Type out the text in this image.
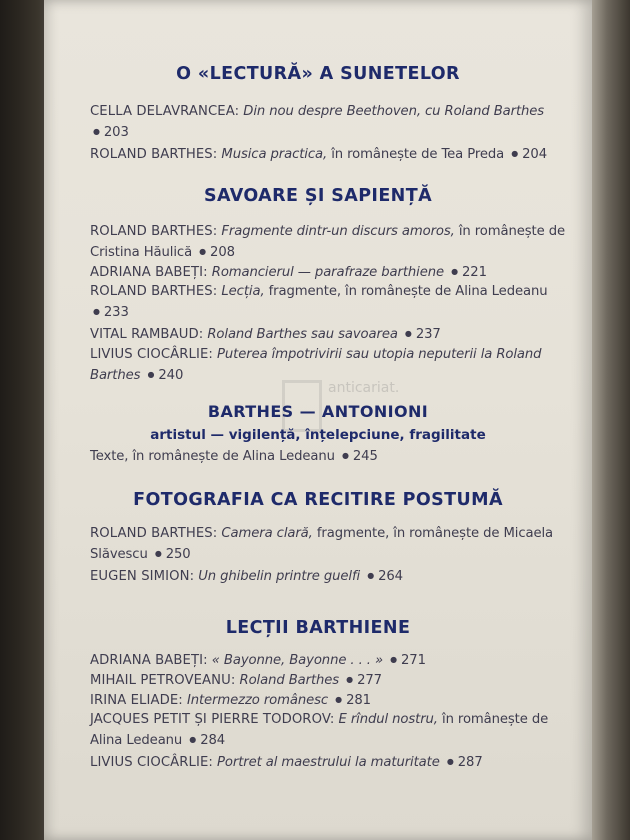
O «LECTURĂ» A SUNETELOR
CELLA DELAVRANCEA: Din nou despre Beethoven, cu Roland Barthes
● 203
ROLAND BARTHES: Musica practica, în românește de Tea Preda ● 204
SAVOARE ȘI SAPIENȚĂ
ROLAND BARTHES: Fragmente dintr-un discurs amoros, în românește de Cristina Hăulică ● 208
ADRIANA BABEȚI: Romancierul — parafraze barthiene ● 221
ROLAND BARTHES: Lecția, fragmente, în românește de Alina Ledeanu
● 233
VITAL RAMBAUD: Roland Barthes sau savoarea ● 237
LIVIUS CIOCÂRLIE: Puterea împotrivirii sau utopia neputerii la Roland Barthes ● 240
anticariat.
BARTHES — ANTONIONI
artistul — vigilență, înțelepciune, fragilitate
Texte, în românește de Alina Ledeanu ● 245
FOTOGRAFIA CA RECITIRE POSTUMĂ
ROLAND BARTHES: Camera clară, fragmente, în românește de Micaela Slăvescu ● 250
EUGEN SIMION: Un ghibelin printre guelfi ● 264
LECȚII BARTHIENE
ADRIANA BABEȚI: « Bayonne, Bayonne . . . » ● 271
MIHAIL PETROVEANU: Roland Barthes ● 277
IRINA ELIADE: Intermezzo românesc ● 281
JACQUES PETIT ȘI PIERRE TODOROV: E rîndul nostru, în românește de Alina Ledeanu ● 284
LIVIUS CIOCÂRLIE: Portret al maestrului la maturitate ● 287
